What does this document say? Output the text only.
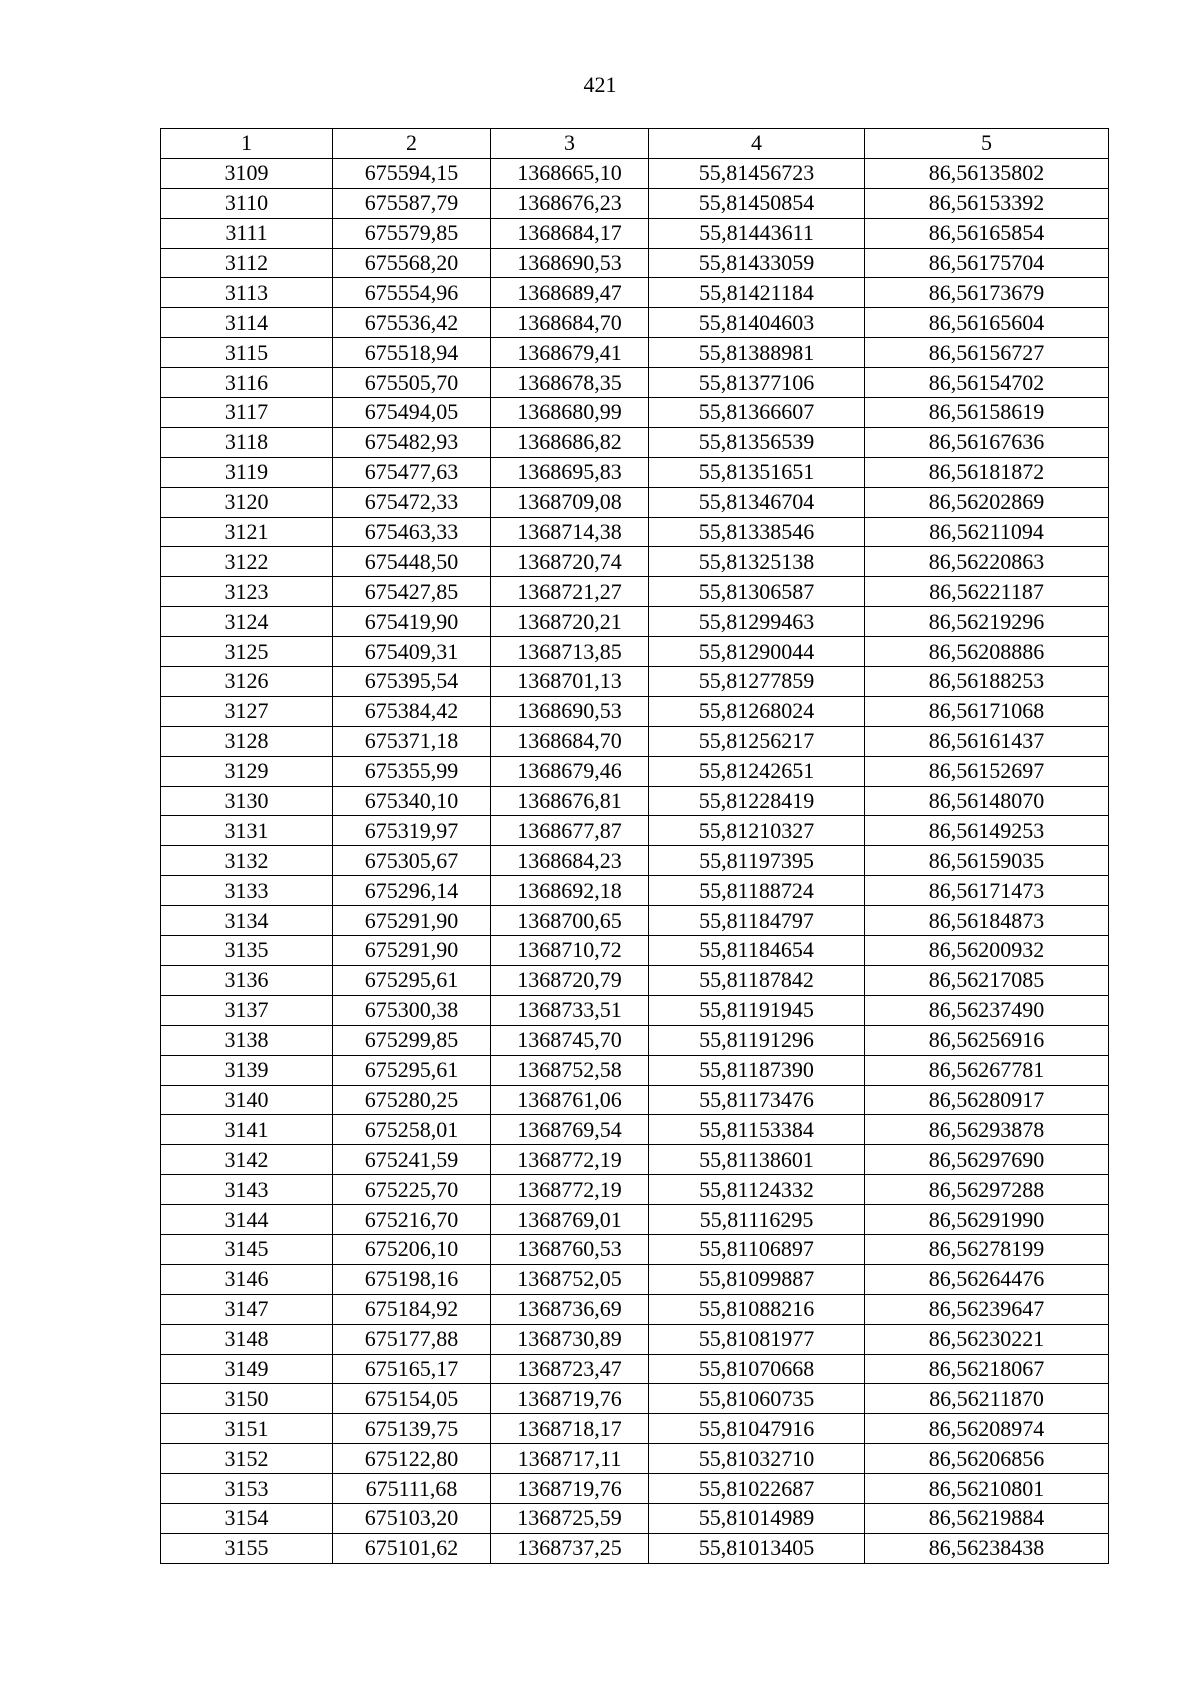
421
1	2	3	4	5
3109	675594,15	1368665,10	55,81456723	86,56135802
3110	675587,79	1368676,23	55,81450854	86,56153392
3111	675579,85	1368684,17	55,81443611	86,56165854
3112	675568,20	1368690,53	55,81433059	86,56175704
3113	675554,96	1368689,47	55,81421184	86,56173679
3114	675536,42	1368684,70	55,81404603	86,56165604
3115	675518,94	1368679,41	55,81388981	86,56156727
3116	675505,70	1368678,35	55,81377106	86,56154702
3117	675494,05	1368680,99	55,81366607	86,56158619
3118	675482,93	1368686,82	55,81356539	86,56167636
3119	675477,63	1368695,83	55,81351651	86,56181872
3120	675472,33	1368709,08	55,81346704	86,56202869
3121	675463,33	1368714,38	55,81338546	86,56211094
3122	675448,50	1368720,74	55,81325138	86,56220863
3123	675427,85	1368721,27	55,81306587	86,56221187
3124	675419,90	1368720,21	55,81299463	86,56219296
3125	675409,31	1368713,85	55,81290044	86,56208886
3126	675395,54	1368701,13	55,81277859	86,56188253
3127	675384,42	1368690,53	55,81268024	86,56171068
3128	675371,18	1368684,70	55,81256217	86,56161437
3129	675355,99	1368679,46	55,81242651	86,56152697
3130	675340,10	1368676,81	55,81228419	86,56148070
3131	675319,97	1368677,87	55,81210327	86,56149253
3132	675305,67	1368684,23	55,81197395	86,56159035
3133	675296,14	1368692,18	55,81188724	86,56171473
3134	675291,90	1368700,65	55,81184797	86,56184873
3135	675291,90	1368710,72	55,81184654	86,56200932
3136	675295,61	1368720,79	55,81187842	86,56217085
3137	675300,38	1368733,51	55,81191945	86,56237490
3138	675299,85	1368745,70	55,81191296	86,56256916
3139	675295,61	1368752,58	55,81187390	86,56267781
3140	675280,25	1368761,06	55,81173476	86,56280917
3141	675258,01	1368769,54	55,81153384	86,56293878
3142	675241,59	1368772,19	55,81138601	86,56297690
3143	675225,70	1368772,19	55,81124332	86,56297288
3144	675216,70	1368769,01	55,81116295	86,56291990
3145	675206,10	1368760,53	55,81106897	86,56278199
3146	675198,16	1368752,05	55,81099887	86,56264476
3147	675184,92	1368736,69	55,81088216	86,56239647
3148	675177,88	1368730,89	55,81081977	86,56230221
3149	675165,17	1368723,47	55,81070668	86,56218067
3150	675154,05	1368719,76	55,81060735	86,56211870
3151	675139,75	1368718,17	55,81047916	86,56208974
3152	675122,80	1368717,11	55,81032710	86,56206856
3153	675111,68	1368719,76	55,81022687	86,56210801
3154	675103,20	1368725,59	55,81014989	86,56219884
3155	675101,62	1368737,25	55,81013405	86,56238438
